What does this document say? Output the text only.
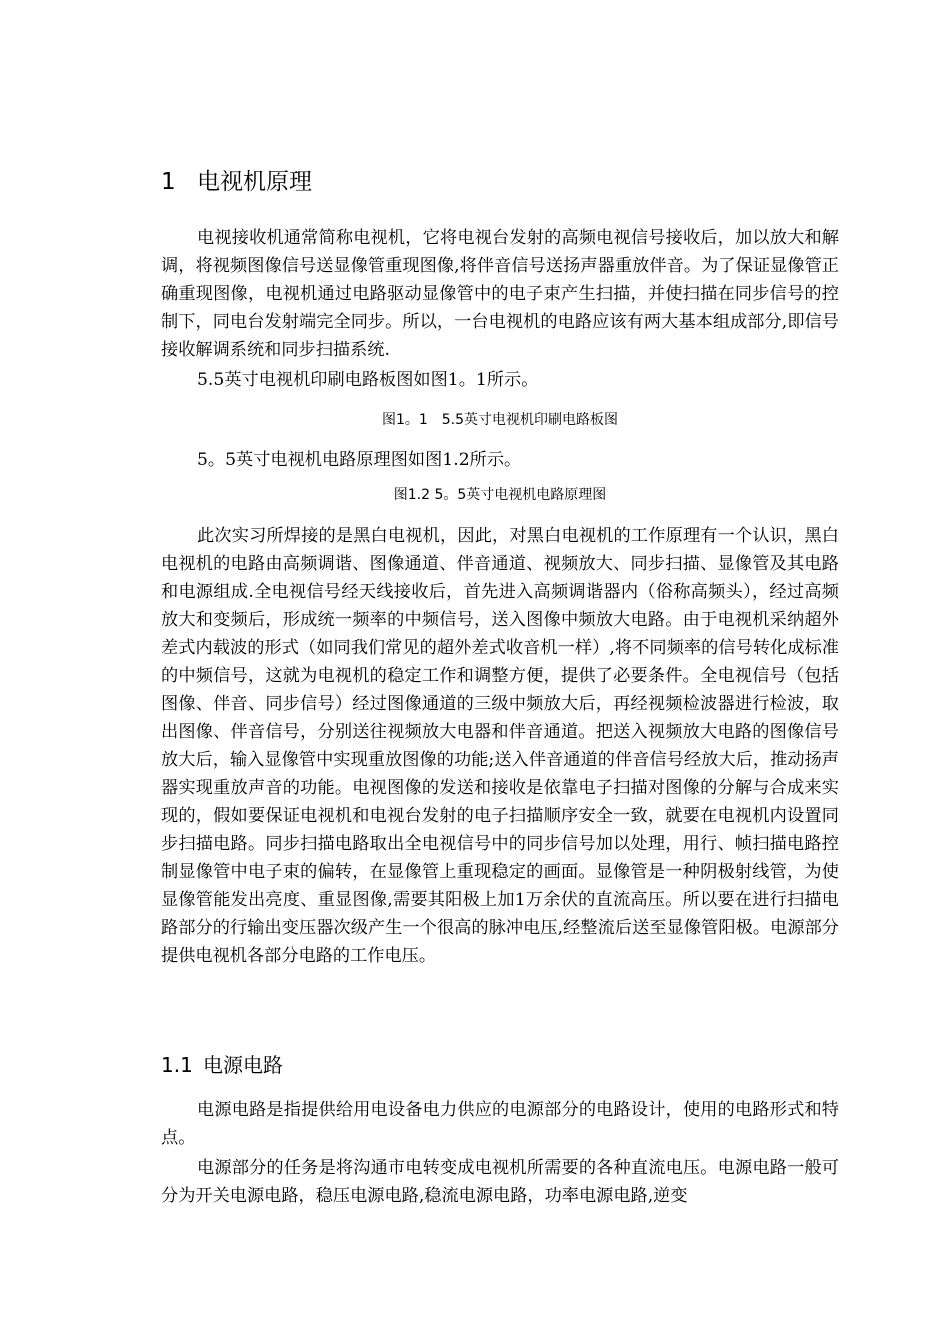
1 电视机原理

电视接收机通常简称电视机，它将电视台发射的高频电视信号接收后，加以放大和解调，将视频图像信号送显像管重现图像,将伴音信号送扬声器重放伴音。为了保证显像管正确重现图像，电视机通过电路驱动显像管中的电子束产生扫描，并使扫描在同步信号的控制下，同电台发射端完全同步。所以，一台电视机的电路应该有两大基本组成部分,即信号接收解调系统和同步扫描系统.

5.5英寸电视机印刷电路板图如图1。1所示。

图1。1　5.5英寸电视机印刷电路板图

5。5英寸电视机电路原理图如图1.2所示。

图1.2 5。5英寸电视机电路原理图

此次实习所焊接的是黑白电视机，因此，对黑白电视机的工作原理有一个认识，黑白电视机的电路由高频调谐、图像通道、伴音通道、视频放大、同步扫描、显像管及其电路和电源组成.全电视信号经天线接收后，首先进入高频调谐器内（俗称高频头），经过高频放大和变频后，形成统一频率的中频信号，送入图像中频放大电路。由于电视机采纳超外差式内载波的形式（如同我们常见的超外差式收音机一样）,将不同频率的信号转化成标准的中频信号，这就为电视机的稳定工作和调整方便，提供了必要条件。全电视信号（包括图像、伴音、同步信号）经过图像通道的三级中频放大后，再经视频检波器进行检波，取出图像、伴音信号，分别送往视频放大电器和伴音通道。把送入视频放大电路的图像信号放大后，输入显像管中实现重放图像的功能;送入伴音通道的伴音信号经放大后，推动扬声器实现重放声音的功能。电视图像的发送和接收是依靠电子扫描对图像的分解与合成来实现的，假如要保证电视机和电视台发射的电子扫描顺序安全一致，就要在电视机内设置同步扫描电路。同步扫描电路取出全电视信号中的同步信号加以处理，用行、帧扫描电路控制显像管中电子束的偏转，在显像管上重现稳定的画面。显像管是一种阴极射线管，为使显像管能发出亮度、重显图像,需要其阳极上加1万余伏的直流高压。所以要在进行扫描电路部分的行输出变压器次级产生一个很高的脉冲电压,经整流后送至显像管阳极。电源部分提供电视机各部分电路的工作电压。

1.1 电源电路

电源电路是指提供给用电设备电力供应的电源部分的电路设计，使用的电路形式和特点。

电源部分的任务是将沟通市电转变成电视机所需要的各种直流电压。电源电路一般可分为开关电源电路，稳压电源电路,稳流电源电路，功率电源电路,逆变
